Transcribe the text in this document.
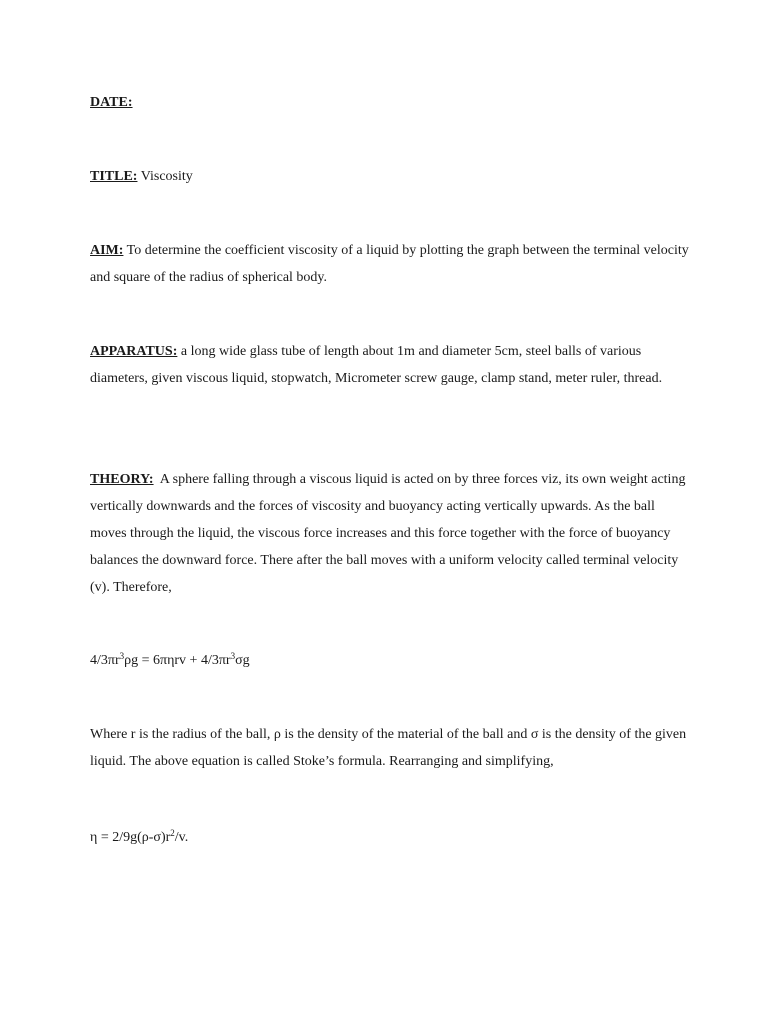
DATE:

TITLE: Viscosity

AIM: To determine the coefficient viscosity of a liquid by plotting the graph between the terminal velocity and square of the radius of spherical body.

APPARATUS: a long wide glass tube of length about 1m and diameter 5cm, steel balls of various diameters, given viscous liquid, stopwatch, Micrometer screw gauge, clamp stand, meter ruler, thread.

THEORY:  A sphere falling through a viscous liquid is acted on by three forces viz, its own weight acting vertically downwards and the forces of viscosity and buoyancy acting vertically upwards. As the ball moves through the liquid, the viscous force increases and this force together with the force of buoyancy balances the downward force. There after the ball moves with a uniform velocity called terminal velocity (v). Therefore,

$4/3\pi r^3\rho g = 6\pi\eta rv + 4/3\pi r^3\sigma g$

Where r is the radius of the ball, ρ is the density of the material of the ball and σ is the density of the given liquid. The above equation is called Stoke’s formula. Rearranging and simplifying,

$\eta = 2/9g(\rho-\sigma)r^2/v$.
